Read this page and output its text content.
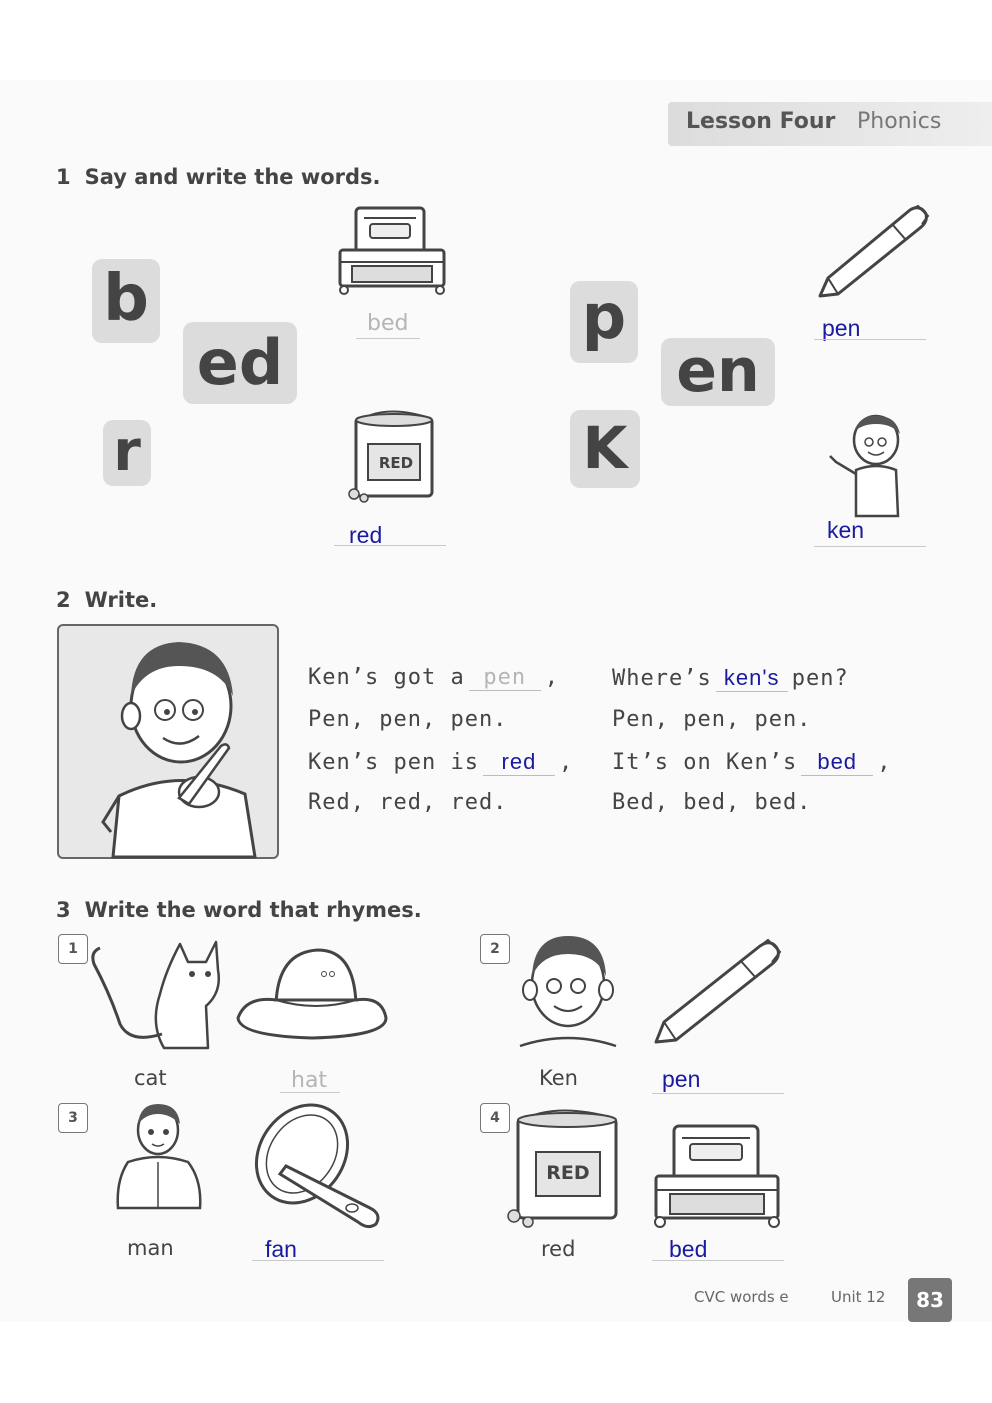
Lesson Four Phonics
1 Say and write the words.
b
ed
r
p
en
K
bed
RED
red
pen
ken
2 Write.
Ken’s got a pen ,
Pen, pen, pen.
Ken’s pen is red ,
Red, red, red.
Where’s ken's pen?
Pen, pen, pen.
It’s on Ken’s bed ,
Bed, bed, bed.
3 Write the word that rhymes.
1
cat	hat
2
Ken	pen
3
man	fan
4
RED
red	bed
CVC words e	Unit 12	83
